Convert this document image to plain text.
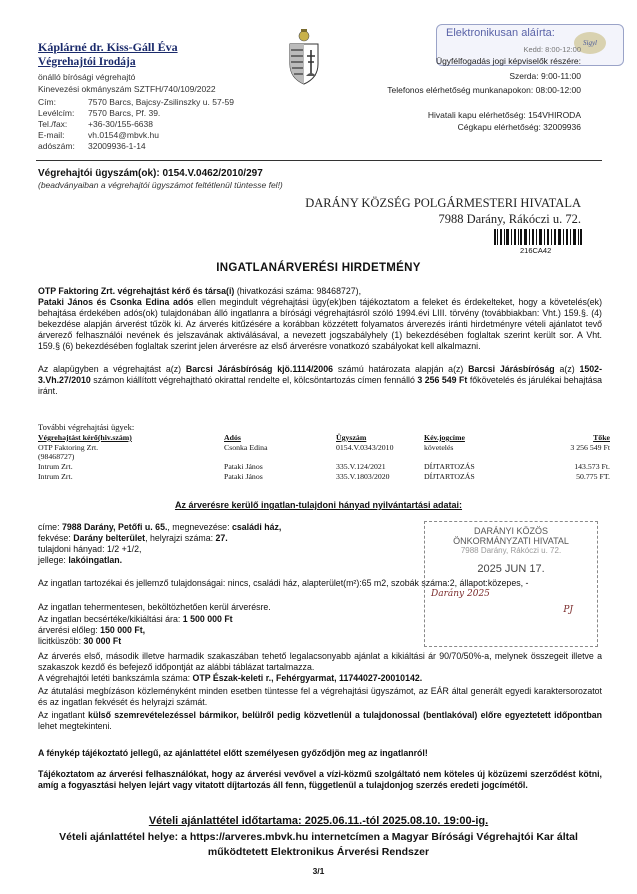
Káplárné dr. Kiss-Gáll Éva
Végrehajtói Irodája
önálló bírósági végrehajtó
Kinevezési okmányszám SZTFH/740/109/2022
Cím:	7570 Barcs, Bajcsy-Zsilinszky u. 57-59
Levélcím:	7570 Barcs, Pf. 39.
Tel./fax:	+36-30/155-6638
E-mail:	vh.0154@mbvk.hu
adószám:	32009936-1-14
Elektronikusan aláírta:
Sigyl
Kedd: 8:00-12:00
Ügyfélfogadás jogi képviselők részére:
Szerda: 9:00-11:00
Telefonos elérhetőség munkanapokon: 08:00-12:00
Hivatali kapu elérhetőség: 154VHIRODA
Cégkapu elérhetőség: 32009936
Végrehajtói ügyszám(ok): 0154.V.0462/2010/297
(beadványaiban a végrehajtói ügyszámot feltétlenül tüntesse fel!)
DARÁNY KÖZSÉG POLGÁRMESTERI HIVATALA
7988 Darány, Rákóczi u. 72.
216CA42
INGATLANÁRVERÉSI HIRDETMÉNY
OTP Faktoring Zrt. végrehajtást kérő és társa(i) (hivatkozási száma: 98468727),
Pataki János és Csonka Edina adós ellen megindult végrehajtási ügy(ek)ben tájékoztatom a feleket és érdekelteket, hogy a követelés(ek) behajtása érdekében adós(ok) tulajdonában álló ingatlanra a bírósági végrehajtásról szóló 1994.évi LIII. törvény (továbbiakban: Vht.) 159.§. (4) bekezdése alapján árverést tűzök ki. Az árverés kitűzésére a korábban közzétett folyamatos árverezés iránti hirdetményre vételi ajánlatot tevő árverező felhasználói nevének és jelszavának aktiválásával, a nevezett jogszabályhely (1) bekezdésében foglaltak szerint került sor. A Vht. 159.§ (6) bekezdésében foglaltak szerint jelen árverésre az első árverésre vonatkozó szabályokat kell alkalmazni.
Az alapügyben a végrehajtást a(z) Barcsi Járásbíróság kjö.1114/2006 számú határozata alapján a(z) Barcsi Járásbíróság a(z) 1502-3.Vh.27/2010 számon kiállított végrehajtható okirattal rendelte el, kölcsöntartozás címen fennálló 3 256 549 Ft főkövetelés és járulékai behajtása iránt.
További végrehajtási ügyek:
Végrehajtást kérő(hiv.szám)	Adós	Ügyszám	Kév.jogcíme	Tőke
OTP Faktoring Zrt. (98468727)
Csonka Edina	0154.V.0343/2010	követelés	3 256 549 Ft
Intrum Zrt.	Pataki János	335.V.124/2021	DÍJTARTOZÁS	143.573 Ft.
Intrum Zrt.	Pataki János	335.V.1803/2020	DÍJTARTOZÁS	50.775 FT.
Az árverésre kerülő ingatlan-tulajdoni hányad nyilvántartási adatai:
címe: 7988 Darány, Petőfi u. 65., megnevezése: családi ház,
fekvése: Darány belterület, helyrajzi száma: 27.
tulajdoni hányad: 1/2 +1/2,
jellege: lakóingatlan.
Az ingatlan tartozékai és jellemző tulajdonságai: nincs, családi ház, alapterület(m²):65 m2, szobák száma:2, állapot:közepes, -
Az ingatlan tehermentesen, beköltözhetően kerül árverésre.
Az ingatlan becsértéke/kikiáltási ára: 1 500 000 Ft
árverési előleg: 150 000 Ft,
licitküszöb: 30 000 Ft
Az árverés első, második illetve harmadik szakaszában tehető legalacsonyabb ajánlat a kikiáltási ár 90/70/50%-a, melynek összegeit illetve a szakaszok kezdő és befejező időpontját az alábbi táblázat tartalmazza.
A végrehajtói letéti bankszámla száma: OTP Észak-keleti r., Fehérgyarmat, 11744027-20010142.
Az átutalási megbízáson közleményként minden esetben tüntesse fel a végrehajtási ügyszámot, az EÁR által generált egyedi karaktersorozatot és az ingatlan fekvését és helyrajzi számát.
Az ingatlant külső szemrevételezéssel bármikor, belülről pedig közvetlenül a tulajdonossal (bentlakóval) előre egyeztetett időpontban lehet megtekinteni.
DARÁNYI KÖZÖS
ÖNKORMÁNYZATI HIVATAL
7988 Darány, Rákóczi u. 72.
2025 JUN 17.
Darány 2025
PJ
A fénykép tájékoztató jellegű, az ajánlattétel előtt személyesen győződjön meg az ingatlanról!
Tájékoztatom az árverési felhasználókat, hogy az árverési vevővel a vízi-közmű szolgáltató nem köteles új közüzemi szerződést kötni, amíg a fogyasztási helyen lejárt vagy vitatott díjtartozás áll fenn, függetlenül a tulajdonjog szerzés eredeti jogcímétől.
Vételi ajánlattétel időtartama: 2025.06.11.-tól 2025.08.10. 19:00-ig.
Vételi ajánlattétel helye: a https://arveres.mbvk.hu internetcímen a Magyar Bírósági Végrehajtói Kar által
működtetett Elektronikus Árverési Rendszer
3/1
